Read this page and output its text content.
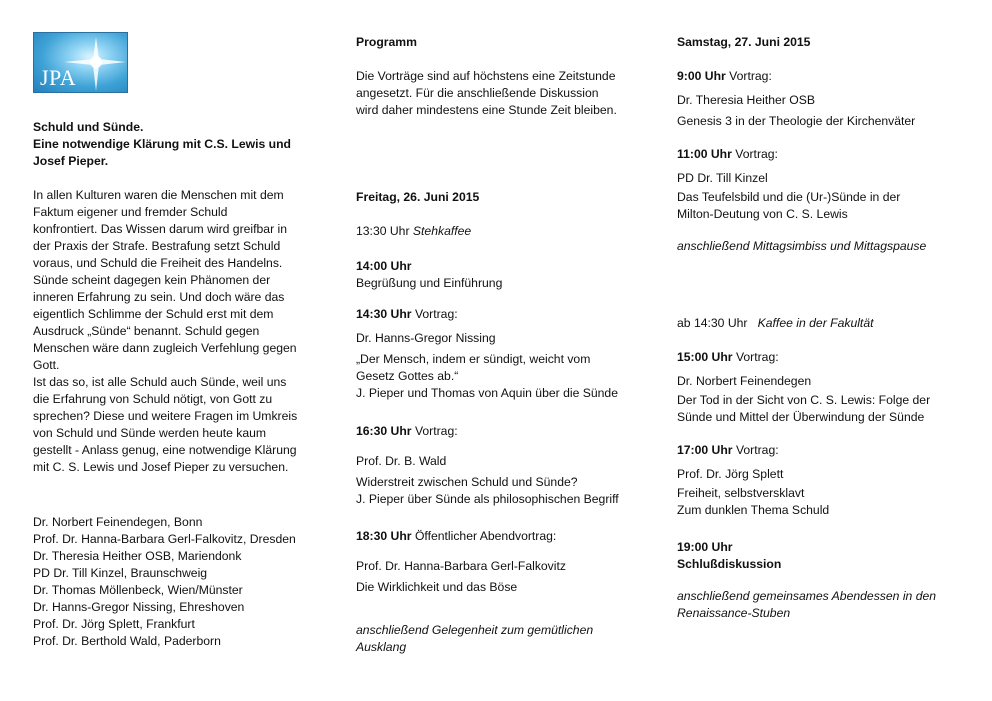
JPA

Schuld und Sünde.

Eine notwendige Klärung mit C.S. Lewis und

Josef Pieper.

In allen Kulturen waren die Menschen mit dem

Faktum eigener und fremder Schuld

konfrontiert. Das Wissen darum wird greifbar in

der Praxis der Strafe. Bestrafung setzt Schuld

voraus, und Schuld die Freiheit des Handelns.

Sünde scheint dagegen kein Phänomen der

inneren Erfahrung zu sein. Und doch wäre das

eigentlich Schlimme der Schuld erst mit dem

Ausdruck „Sünde“ benannt. Schuld gegen

Menschen wäre dann zugleich Verfehlung gegen

Gott.

Ist das so, ist alle Schuld auch Sünde, weil uns

die Erfahrung von Schuld nötigt, von Gott zu

sprechen? Diese und weitere Fragen im Umkreis

von Schuld und Sünde werden heute kaum

gestellt - Anlass genug, eine notwendige Klärung

mit C. S. Lewis und Josef Pieper zu versuchen.

Dr. Norbert Feinendegen, Bonn

Prof. Dr. Hanna-Barbara Gerl-Falkovitz, Dresden

Dr. Theresia Heither OSB, Mariendonk

PD Dr. Till Kinzel, Braunschweig

Dr. Thomas Möllenbeck, Wien/Münster

Dr. Hanns-Gregor Nissing, Ehreshoven

Prof. Dr. Jörg Splett, Frankfurt

Prof. Dr. Berthold Wald, Paderborn

Programm

Die Vorträge sind auf höchstens eine Zeitstunde

angesetzt. Für die anschließende Diskussion

wird daher mindestens eine Stunde Zeit bleiben.

Freitag, 26. Juni 2015
13:30 Uhr Stehkaffee

14:00 Uhr

Begrüßung und Einführung

14:30 Uhr Vortrag:

Dr. Hanns-Gregor Nissing

„Der Mensch, indem er sündigt, weicht vom

Gesetz Gottes ab.“

J. Pieper und Thomas von Aquin über die Sünde

16:30 Uhr Vortrag:

Prof. Dr. B. Wald

Widerstreit zwischen Schuld und Sünde?

J. Pieper über Sünde als philosophischen Begriff

18:30 Uhr Öffentlicher Abendvortrag:

Prof. Dr. Hanna-Barbara Gerl-Falkovitz

Die Wirklichkeit und das Böse

anschließend Gelegenheit zum gemütlichen

Ausklang

Samstag, 27. Juni 2015

9:00 Uhr Vortrag:

Dr. Theresia Heither OSB

Genesis 3 in der Theologie der Kirchenväter

11:00 Uhr Vortrag:

PD Dr. Till Kinzel

Das Teufelsbild und die (Ur-)Sünde in der

Milton-Deutung von C. S. Lewis

anschließend Mittagsimbiss und Mittagspause
ab 14:30 Uhr Kaffee in der Fakultät

15:00 Uhr Vortrag:

Dr. Norbert Feinendegen

Der Tod in der Sicht von C. S. Lewis: Folge der

Sünde und Mittel der Überwindung der Sünde

17:00 Uhr Vortrag:

Prof. Dr. Jörg Splett

Freiheit, selbstversklavt

Zum dunklen Thema Schuld

19:00 Uhr

Schlußdiskussion

anschließend gemeinsames Abendessen in den

Renaissance-Stuben
